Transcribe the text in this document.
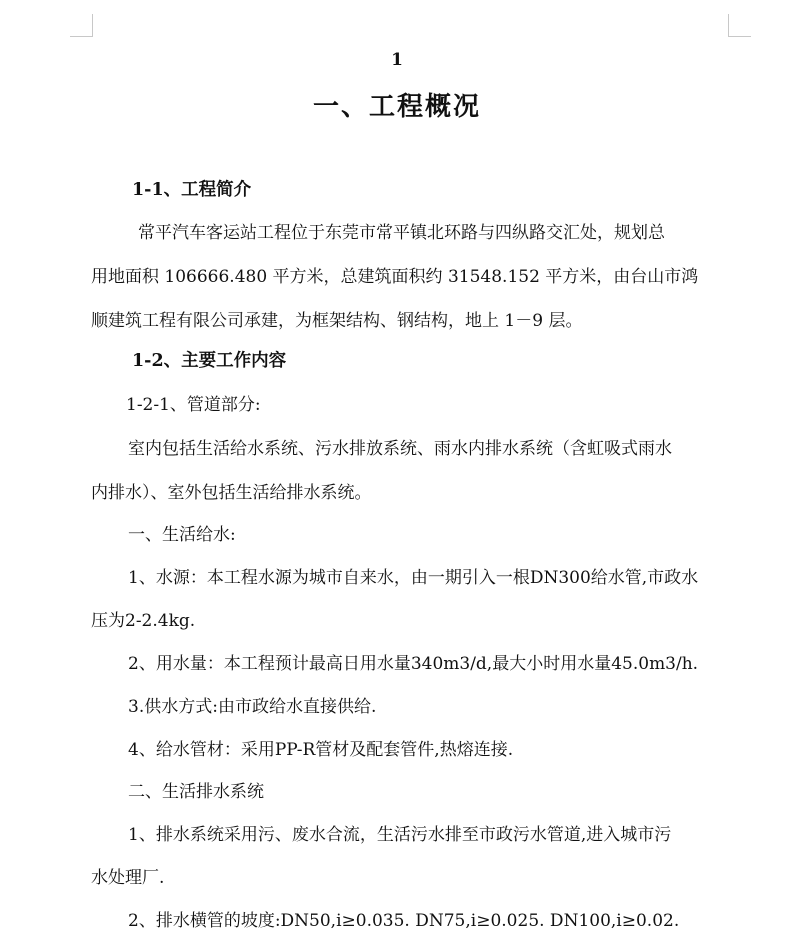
1
一、工程概况
1-1、工程简介
常平汽车客运站工程位于东莞市常平镇北环路与四纵路交汇处，规划总
用地面积 106666.480 平方米，总建筑面积约 31548.152 平方米，由台山市鸿
顺建筑工程有限公司承建，为框架结构、钢结构，地上 1－9 层。
1-2、主要工作内容
1-2-1、管道部分:
室内包括生活给水系统、污水排放系统、雨水内排水系统（含虹吸式雨水
内排水）、室外包括生活给排水系统。
一、生活给水:
1、水源：本工程水源为城市自来水，由一期引入一根DN300给水管,市政水
压为2-2.4kg.
2、用水量：本工程预计最高日用水量340m3/d,最大小时用水量45.0m3/h.
3.供水方式:由市政给水直接供给.
4、给水管材：采用PP-R管材及配套管件,热熔连接.
二、生活排水系统
1、排水系统采用污、废水合流，生活污水排至市政污水管道,进入城市污
水处理厂.
2、排水横管的坡度:DN50,i≥0.035. DN75,i≥0.025. DN100,i≥0.02.
